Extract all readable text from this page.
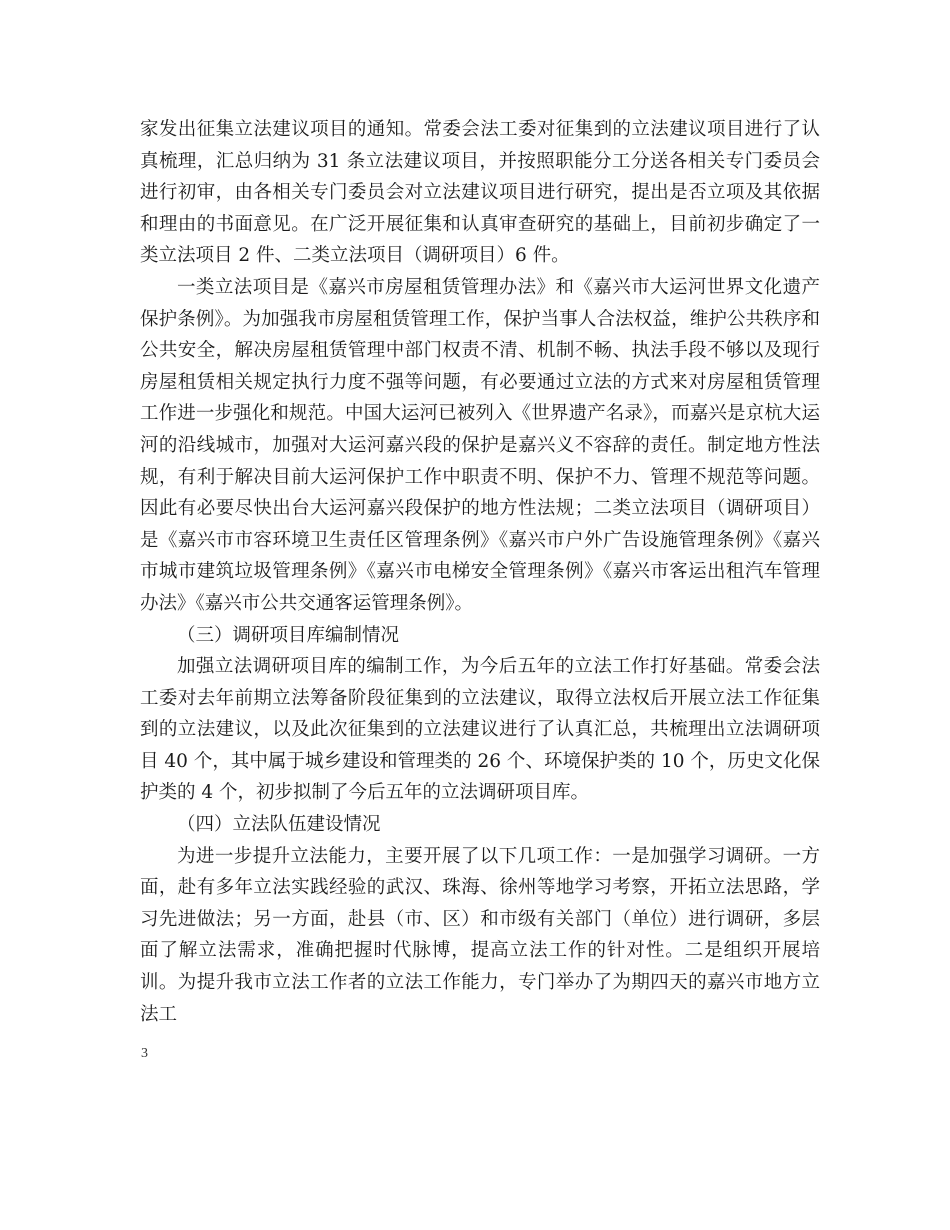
家发出征集立法建议项目的通知。常委会法工委对征集到的立法建议项目进行了认真梳理，汇总归纳为 31 条立法建议项目，并按照职能分工分送各相关专门委员会进行初审，由各相关专门委员会对立法建议项目进行研究，提出是否立项及其依据和理由的书面意见。在广泛开展征集和认真审查研究的基础上，目前初步确定了一类立法项目 2 件、二类立法项目（调研项目）6 件。

一类立法项目是《嘉兴市房屋租赁管理办法》和《嘉兴市大运河世界文化遗产保护条例》。为加强我市房屋租赁管理工作，保护当事人合法权益，维护公共秩序和公共安全，解决房屋租赁管理中部门权责不清、机制不畅、执法手段不够以及现行房屋租赁相关规定执行力度不强等问题，有必要通过立法的方式来对房屋租赁管理工作进一步强化和规范。中国大运河已被列入《世界遗产名录》，而嘉兴是京杭大运河的沿线城市，加强对大运河嘉兴段的保护是嘉兴义不容辞的责任。制定地方性法规，有利于解决目前大运河保护工作中职责不明、保护不力、管理不规范等问题。因此有必要尽快出台大运河嘉兴段保护的地方性法规；二类立法项目（调研项目）是《嘉兴市市容环境卫生责任区管理条例》《嘉兴市户外广告设施管理条例》《嘉兴市城市建筑垃圾管理条例》《嘉兴市电梯安全管理条例》《嘉兴市客运出租汽车管理办法》《嘉兴市公共交通客运管理条例》。

（三）调研项目库编制情况

加强立法调研项目库的编制工作，为今后五年的立法工作打好基础。常委会法工委对去年前期立法筹备阶段征集到的立法建议，取得立法权后开展立法工作征集到的立法建议，以及此次征集到的立法建议进行了认真汇总，共梳理出立法调研项目 40 个，其中属于城乡建设和管理类的 26 个、环境保护类的 10 个，历史文化保护类的 4 个，初步拟制了今后五年的立法调研项目库。

（四）立法队伍建设情况

为进一步提升立法能力，主要开展了以下几项工作：一是加强学习调研。一方面，赴有多年立法实践经验的武汉、珠海、徐州等地学习考察，开拓立法思路，学习先进做法；另一方面，赴县（市、区）和市级有关部门（单位）进行调研，多层面了解立法需求，准确把握时代脉博，提高立法工作的针对性。二是组织开展培训。为提升我市立法工作者的立法工作能力，专门举办了为期四天的嘉兴市地方立法工

3
